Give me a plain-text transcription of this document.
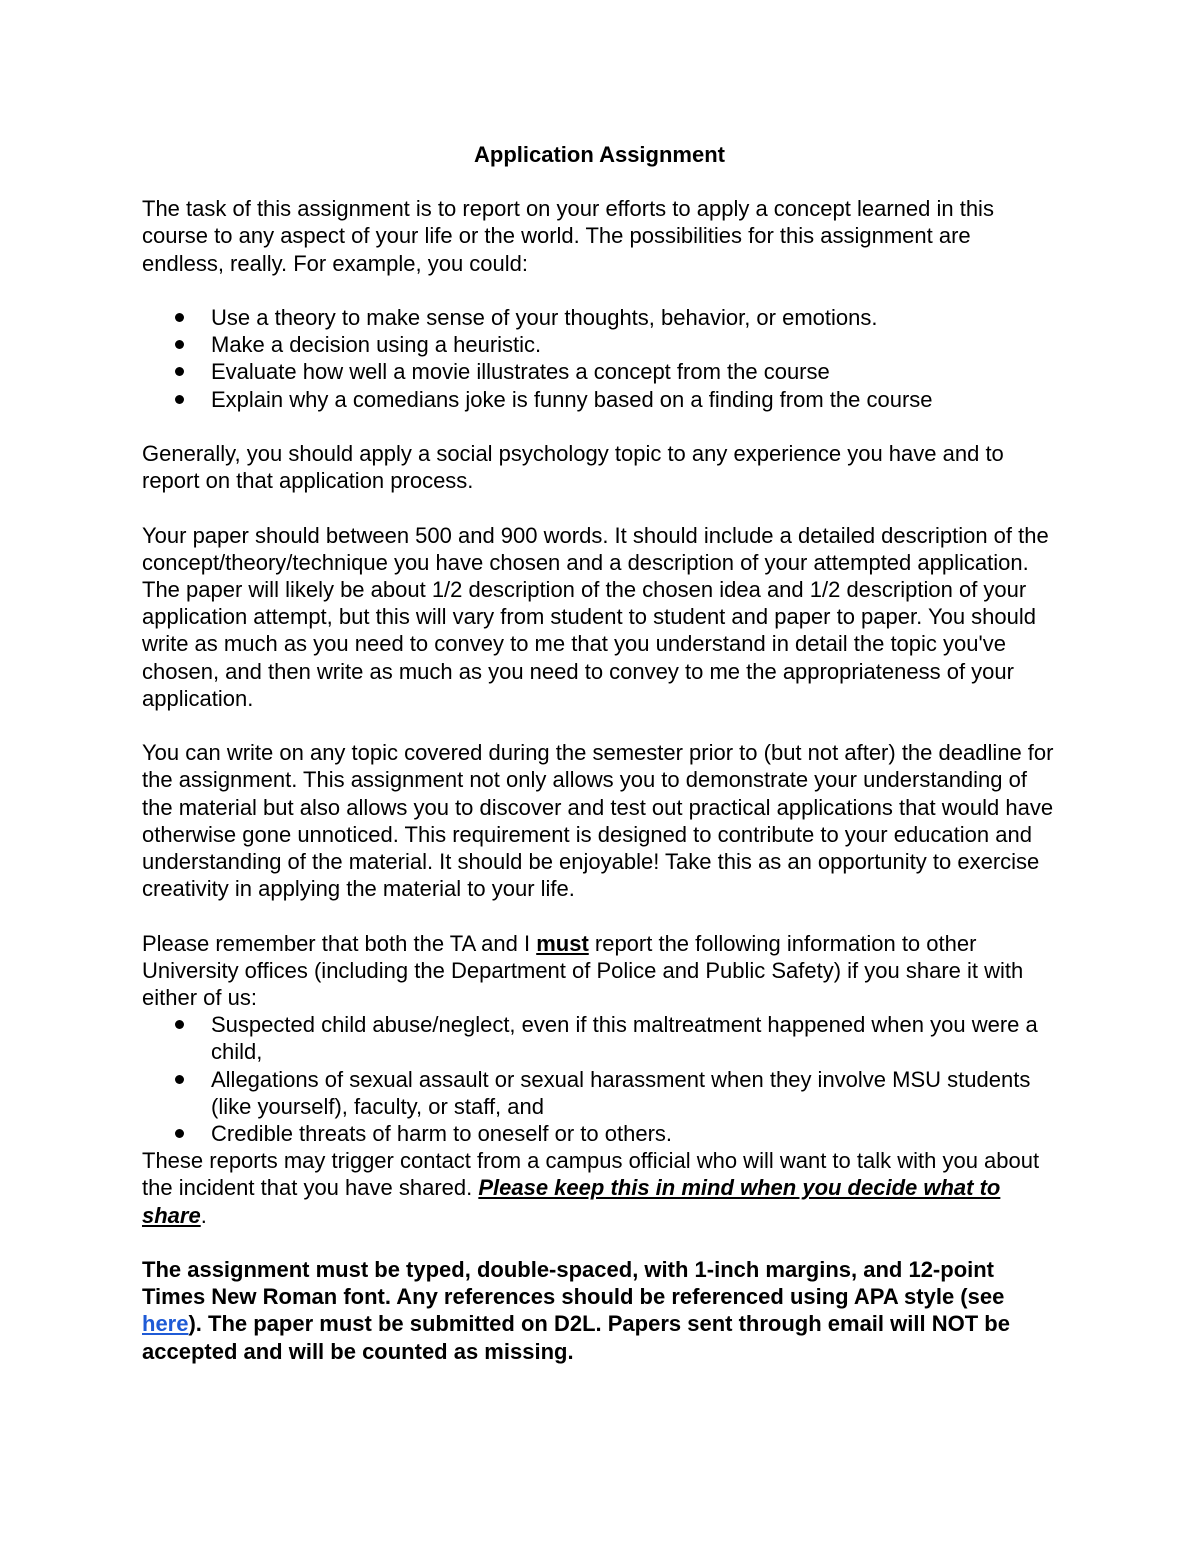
Application Assignment

The task of this assignment is to report on your efforts to apply a concept learned in this course to any aspect of your life or the world. The possibilities for this assignment are endless, really. For example, you could:

Use a theory to make sense of your thoughts, behavior, or emotions.
Make a decision using a heuristic.
Evaluate how well a movie illustrates a concept from the course
Explain why a comedians joke is funny based on a finding from the course

Generally, you should apply a social psychology topic to any experience you have and to report on that application process.

Your paper should between 500 and 900 words. It should include a detailed description of the concept/theory/technique you have chosen and a description of your attempted application. The paper will likely be about 1/2 description of the chosen idea and 1/2 description of your application attempt, but this will vary from student to student and paper to paper. You should write as much as you need to convey to me that you understand in detail the topic you've chosen, and then write as much as you need to convey to me the appropriateness of your application.

You can write on any topic covered during the semester prior to (but not after) the deadline for the assignment. This assignment not only allows you to demonstrate your understanding of the material but also allows you to discover and test out practical applications that would have otherwise gone unnoticed. This requirement is designed to contribute to your education and understanding of the material. It should be enjoyable! Take this as an opportunity to exercise creativity in applying the material to your life.

Please remember that both the TA and I must report the following information to other University offices (including the Department of Police and Public Safety) if you share it with either of us:

Suspected child abuse/neglect, even if this maltreatment happened when you were a child,
Allegations of sexual assault or sexual harassment when they involve MSU students (like yourself), faculty, or staff, and
Credible threats of harm to oneself or to others.

These reports may trigger contact from a campus official who will want to talk with you about the incident that you have shared. Please keep this in mind when you decide what to share.

The assignment must be typed, double-spaced, with 1-inch margins, and 12-point Times New Roman font. Any references should be referenced using APA style (see here). The paper must be submitted on D2L. Papers sent through email will NOT be accepted and will be counted as missing.
